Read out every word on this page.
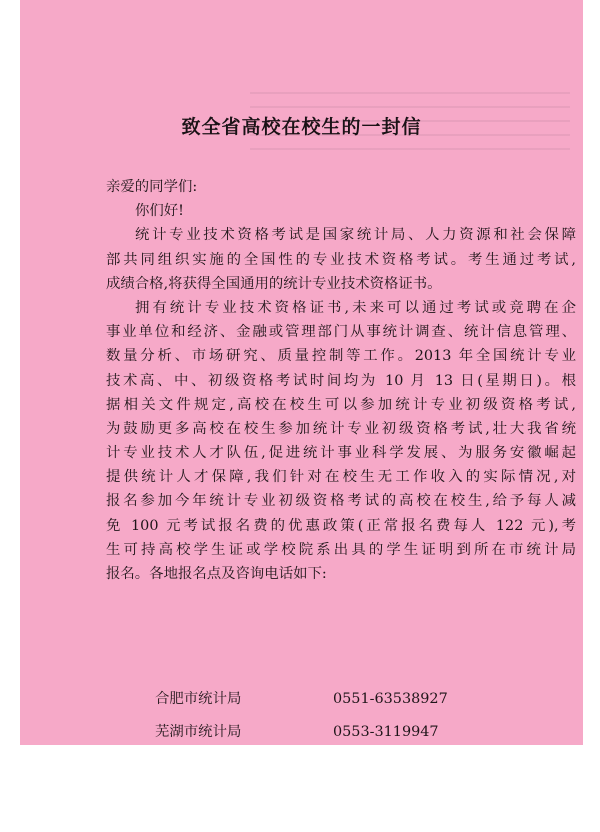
致全省高校在校生的一封信
亲爱的同学们:
你们好!
统计专业技术资格考试是国家统计局、人力资源和社会保障
部共同组织实施的全国性的专业技术资格考试。考生通过考试,
成绩合格,将获得全国通用的统计专业技术资格证书。
拥有统计专业技术资格证书,未来可以通过考试或竞聘在企
事业单位和经济、金融或管理部门从事统计调查、统计信息管理、
数量分析、市场研究、质量控制等工作。2013 年全国统计专业
技术高、中、初级资格考试时间均为 10 月 13 日(星期日)。根
据相关文件规定,高校在校生可以参加统计专业初级资格考试,
为鼓励更多高校在校生参加统计专业初级资格考试,壮大我省统
计专业技术人才队伍,促进统计事业科学发展、为服务安徽崛起
提供统计人才保障,我们针对在校生无工作收入的实际情况,对
报名参加今年统计专业初级资格考试的高校在校生,给予每人减
免 100 元考试报名费的优惠政策(正常报名费每人 122 元),考
生可持高校学生证或学校院系出具的学生证明到所在市统计局
报名。各地报名点及咨询电话如下:
合肥市统计局	0551-63538927
芜湖市统计局	0553-3119947
